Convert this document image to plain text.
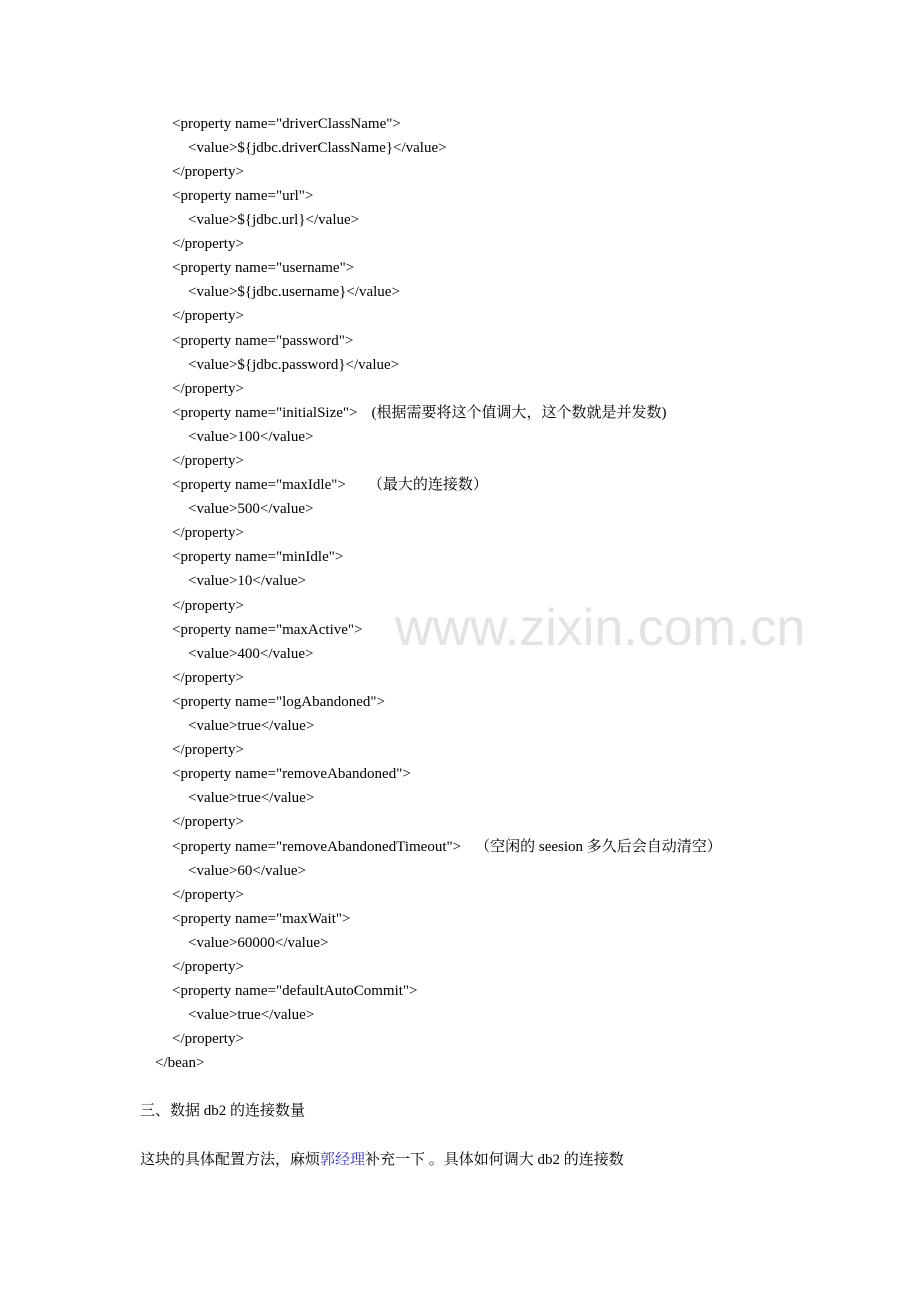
<property name="driverClassName">
<value>${jdbc.driverClassName}</value>
</property>
<property name="url">
<value>${jdbc.url}</value>
</property>
<property name="username">
<value>${jdbc.username}</value>
</property>
<property name="password">
<value>${jdbc.password}</value>
</property>
<property name="initialSize"> (根据需要将这个值调大，这个数就是并发数)
<value>100</value>
</property>
<property name="maxIdle"> （最大的连接数）
<value>500</value>
</property>
<property name="minIdle">
<value>10</value>
</property>
<property name="maxActive">
<value>400</value>
</property>
<property name="logAbandoned">
<value>true</value>
</property>
<property name="removeAbandoned">
<value>true</value>
</property>
<property name="removeAbandonedTimeout"> （空闲的 seesion 多久后会自动清空）
<value>60</value>
</property>
<property name="maxWait">
<value>60000</value>
</property>
<property name="defaultAutoCommit">
<value>true</value>
</property>
</bean>
三、数据 db2 的连接数量
这块的具体配置方法，麻烦郭经理补充一下 。具体如何调大 db2 的连接数
www.zixin.com.cn
